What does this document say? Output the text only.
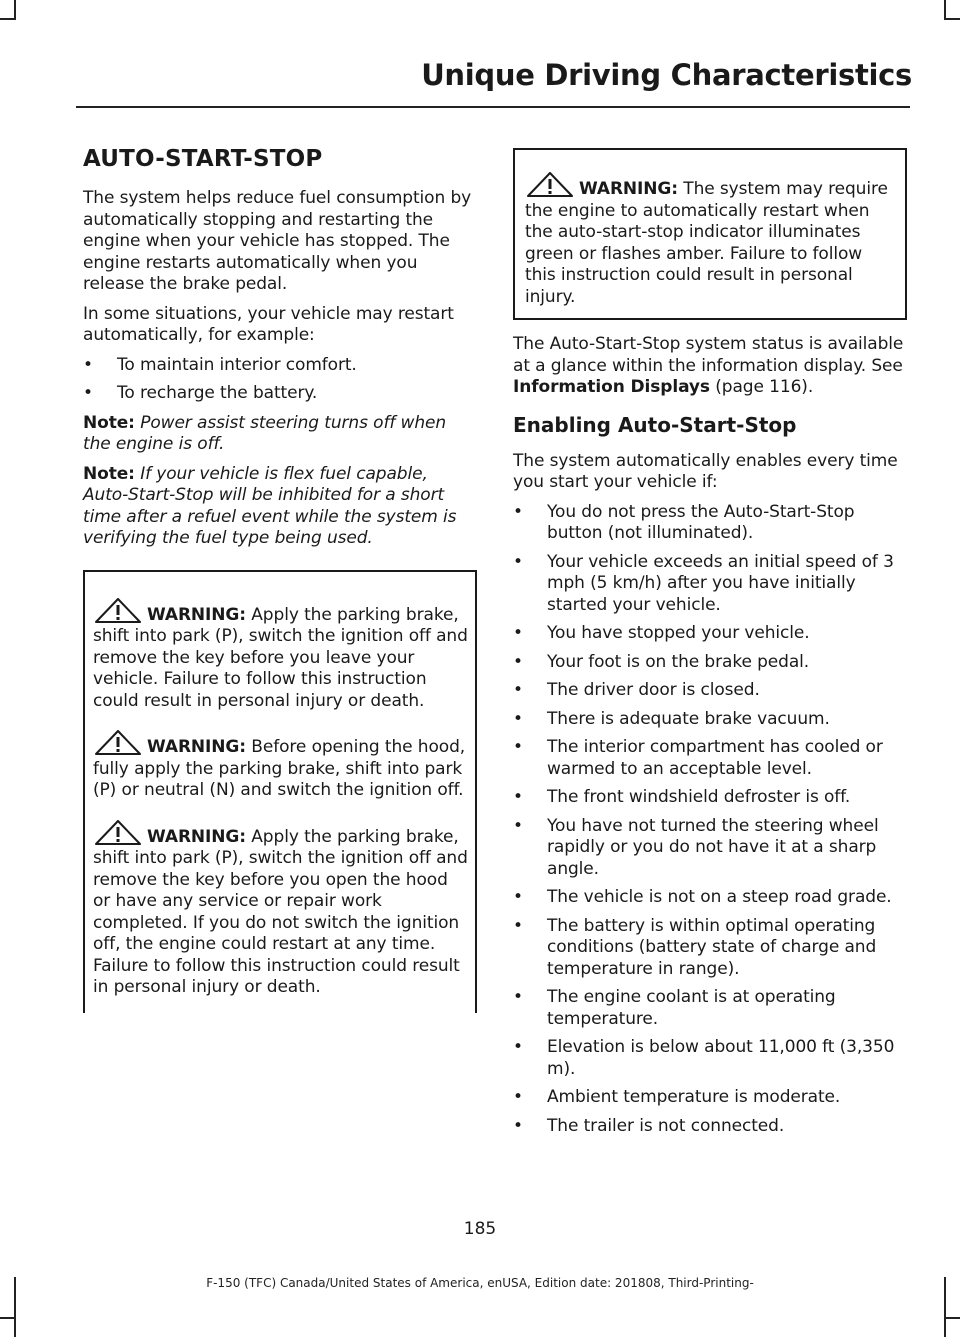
Unique Driving Characteristics
AUTO-START-STOP

The system helps reduce fuel consumption by automatically stopping and restarting the engine when your vehicle has stopped. The engine restarts automatically when you release the brake pedal.

In some situations, your vehicle may restart automatically, for example:

•	To maintain interior comfort.
•	To recharge the battery.

Note: Power assist steering turns off when the engine is off.

Note: If your vehicle is flex fuel capable, Auto-Start-Stop will be inhibited for a short time after a refuel event while the system is verifying the fuel type being used.

WARNING: Apply the parking brake, shift into park (P), switch the ignition off and remove the key before you leave your vehicle. Failure to follow this instruction could result in personal injury or death.
WARNING: Before opening the hood, fully apply the parking brake, shift into park (P) or neutral (N) and switch the ignition off.
WARNING: Apply the parking brake, shift into park (P), switch the ignition off and remove the key before you open the hood or have any service or repair work completed. If you do not switch the ignition off, the engine could restart at any time. Failure to follow this instruction could result in personal injury or death.
WARNING: The system may require the engine to automatically restart when the auto-start-stop indicator illuminates green or flashes amber. Failure to follow this instruction could result in personal injury.

The Auto-Start-Stop system status is available at a glance within the information display. See Information Displays (page 116).

Enabling Auto-Start-Stop

The system automatically enables every time you start your vehicle if:

•	You do not press the Auto-Start-Stop button (not illuminated).
•	Your vehicle exceeds an initial speed of 3 mph (5 km/h) after you have initially started your vehicle.
•	You have stopped your vehicle.
•	Your foot is on the brake pedal.
•	The driver door is closed.
•	There is adequate brake vacuum.
•	The interior compartment has cooled or warmed to an acceptable level.
•	The front windshield defroster is off.
•	You have not turned the steering wheel rapidly or you do not have it at a sharp angle.
•	The vehicle is not on a steep road grade.
•	The battery is within optimal operating conditions (battery state of charge and temperature in range).
•	The engine coolant is at operating temperature.
•	Elevation is below about 11,000 ft (3,350 m).
•	Ambient temperature is moderate.
•	The trailer is not connected.
185
F-150 (TFC) Canada/United States of America, enUSA, Edition date: 201808, Third-Printing-
